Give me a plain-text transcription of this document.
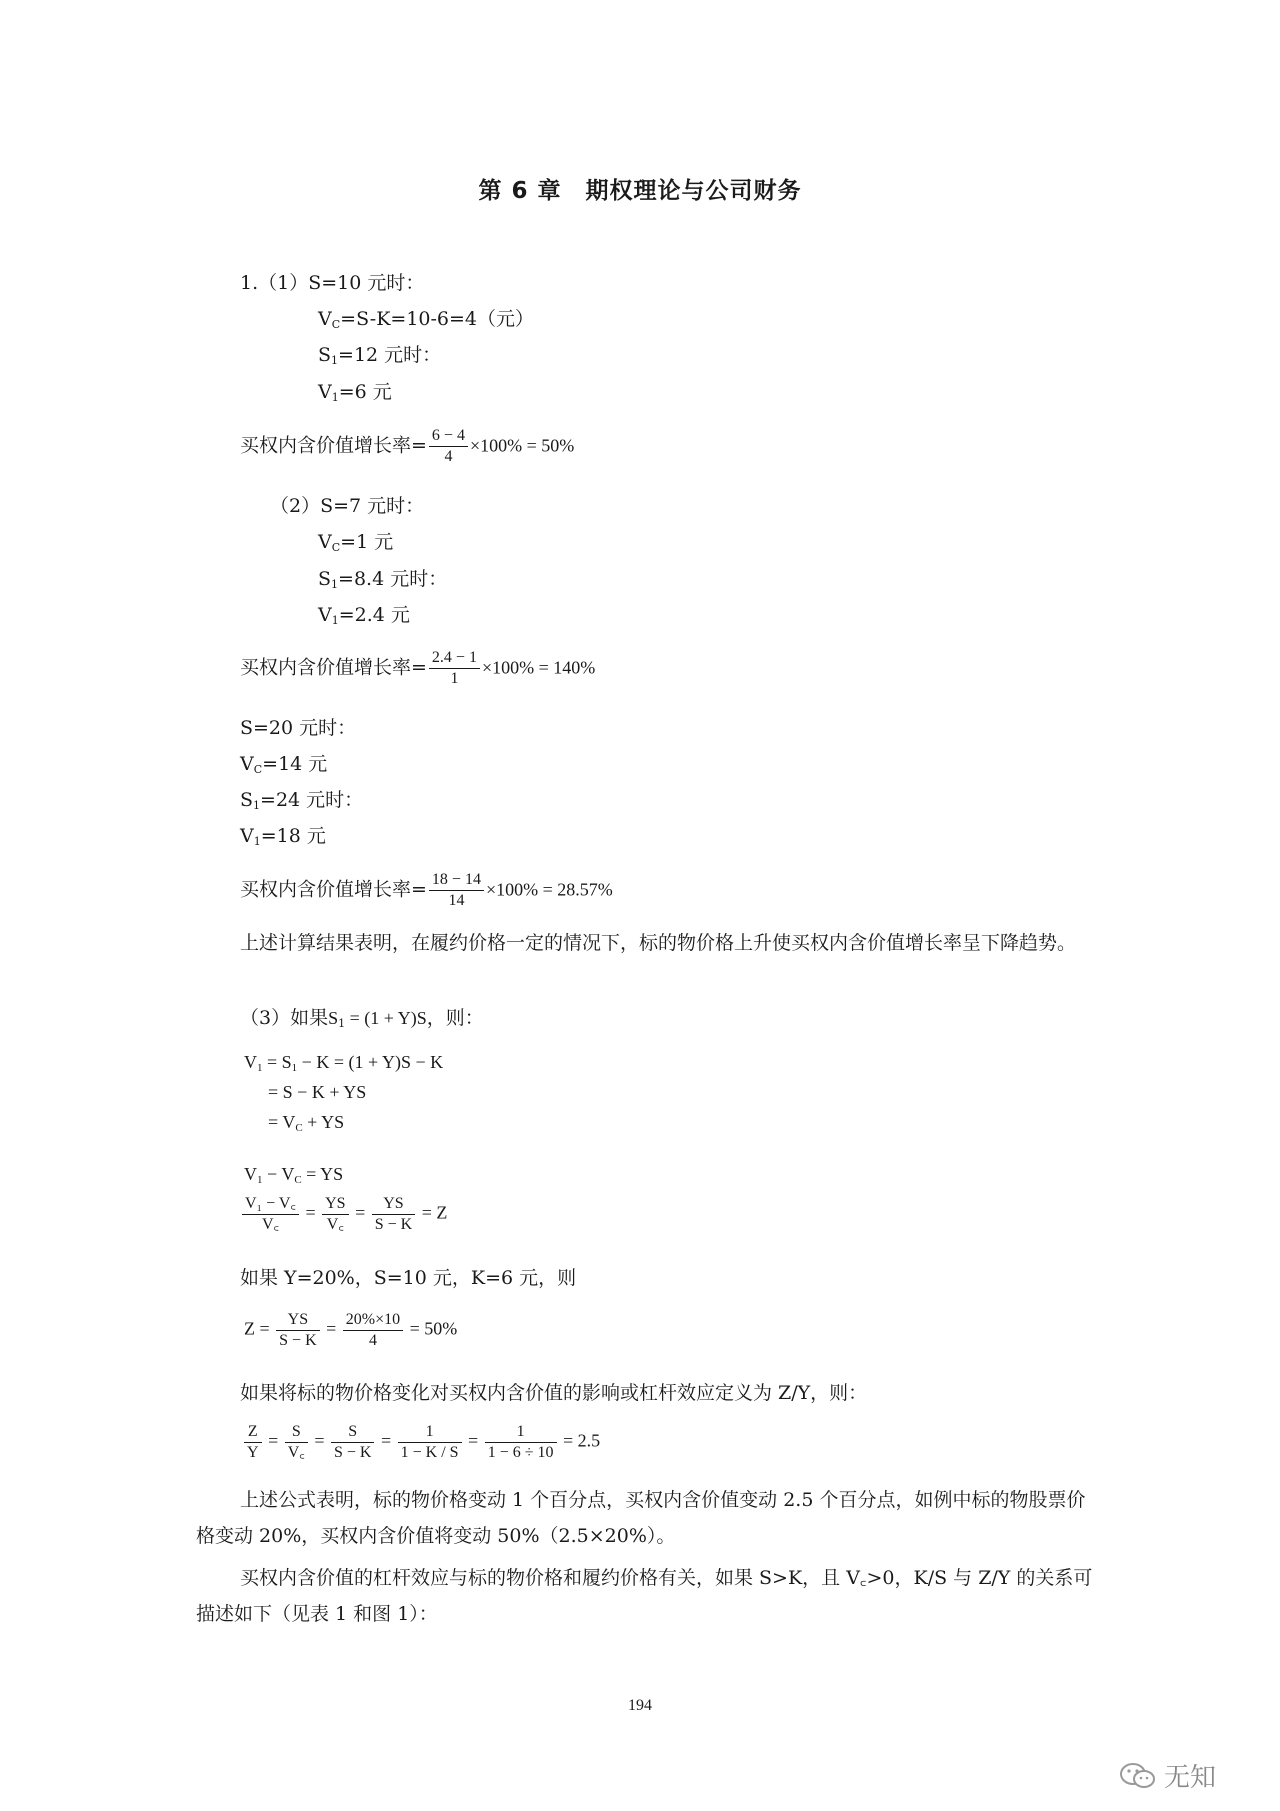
第 6 章　期权理论与公司财务
1.（1）S=10 元时：
$V_C=S-K=10-6=4$（元）
$S_1=12$ 元时：
$V_1=6$ 元
买权内含价值增长率= $\frac{6 - 4}{4} \times 100\% = 50\%$
（2）S=7 元时：
$V_C=1$ 元
$S_1=8.4$ 元时：
$V_1=2.4$ 元
买权内含价值增长率= $\frac{2.4 - 1}{1} \times 100\% = 140\%$
S=20 元时：
$V_C=14$ 元
$S_1=24$ 元时：
$V_1=18$ 元
买权内含价值增长率= $\frac{18 - 14}{14} \times 100\% = 28.57\%$
上述计算结果表明，在履约价格一定的情况下，标的物价格上升使买权内含价值增长率呈下降趋势。
（3）如果$S_1 = (1 + Y)S$，则：
$V_1 = S_1 - K = (1 + Y)S - K$
= S − K + YS
= $V_C$ + YS
$V_1 - V_C$ = YS
$\frac{\text{V₁ − V꜀}}{V꜀} = \frac{YS}{V꜀} = \frac{YS}{S - K} = Z$
如果 Y=20%，S=10 元，K=6 元，则
$Z = \frac{YS}{S - K} = \frac{20\%\times 10}{4} = 50\%$
如果将标的物价格变化对买权内含价值的影响或杠杆效应定义为 Z/Y，则：
$\frac{Z}{Y} = \frac{S}{V꜀} = \frac{S}{S - K} = \frac{1}{1 - K / S} = \frac{1}{1 - 6 \div 10} = 2.5$
上述公式表明，标的物价格变动 1 个百分点，买权内含价值变动 2.5 个百分点，如例中标的物股票价格变动 20%，买权内含价值将变动 50%（2.5×20%）。
买权内含价值的杠杆效应与标的物价格和履约价格有关，如果 S>K，且 V꜀>0，K/S 与 Z/Y 的关系可描述如下（见表 1 和图 1）：
194
无知
